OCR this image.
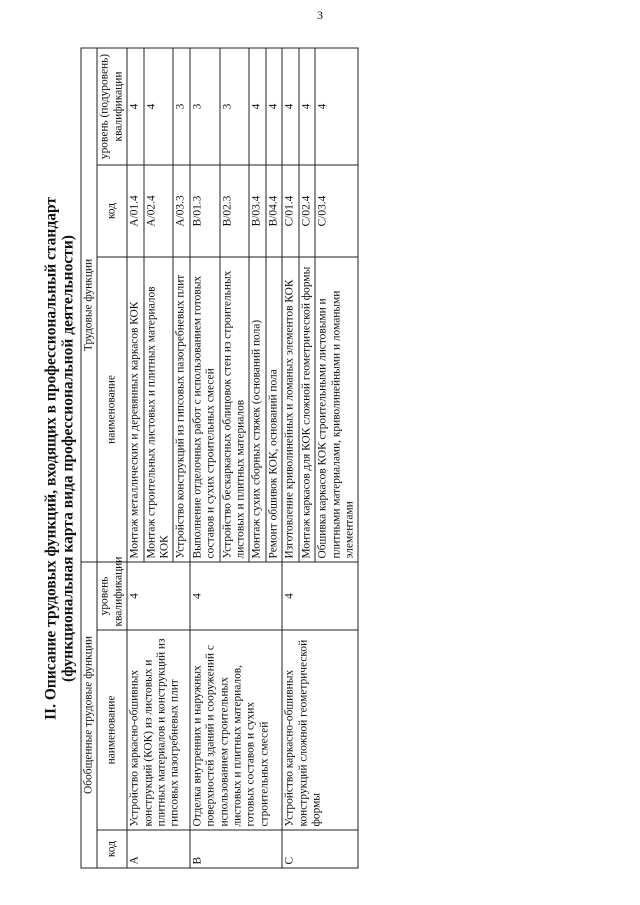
3
II. Описание трудовых функций, входящих в профессиональный стандарт (функциональная карта вида профессиональной деятельности)
Обобщенные трудовые функции			Трудовые функции		
код	наименование	уровень квалификации	наименование	код	уровень (подуровень) квалификации
А	Устройство каркасно-обшивных конструкций (КОК) из листовых и плитных материалов и конструкций из гипсовых пазогребневых плит	4	Монтаж металлических и деревянных каркасов КОК	A/01.4	4
			Монтаж строительных листовых и плитных материалов КОК	A/02.4	4
			Устройство конструкций из гипсовых пазогребневых плит	A/03.3	3
В	Отделка внутренних и наружных поверхностей зданий и сооружений с использованием строительных листовых и плитных материалов, готовых составов и сухих строительных смесей	4	Выполнение отделочных работ с использованием готовых составов и сухих строительных смесей	B/01.3	3
			Устройство бескаркасных облицовок стен из строительных листовых и плитных материалов	B/02.3	3
			Монтаж сухих сборных стяжек (оснований пола)	B/03.4	4
			Ремонт обшивок КОК, оснований пола	B/04.4	4
С	Устройство каркасно-обшивных конструкций сложной геометрической формы	4	Изготовление криволинейных и ломаных элементов КОК	C/01.4	4
			Монтаж каркасов для КОК сложной геометрической формы	C/02.4	4
			Обшивка каркасов КОК строительными листовыми и плитными материалами, криволинейными и ломаными элементами	C/03.4	4
